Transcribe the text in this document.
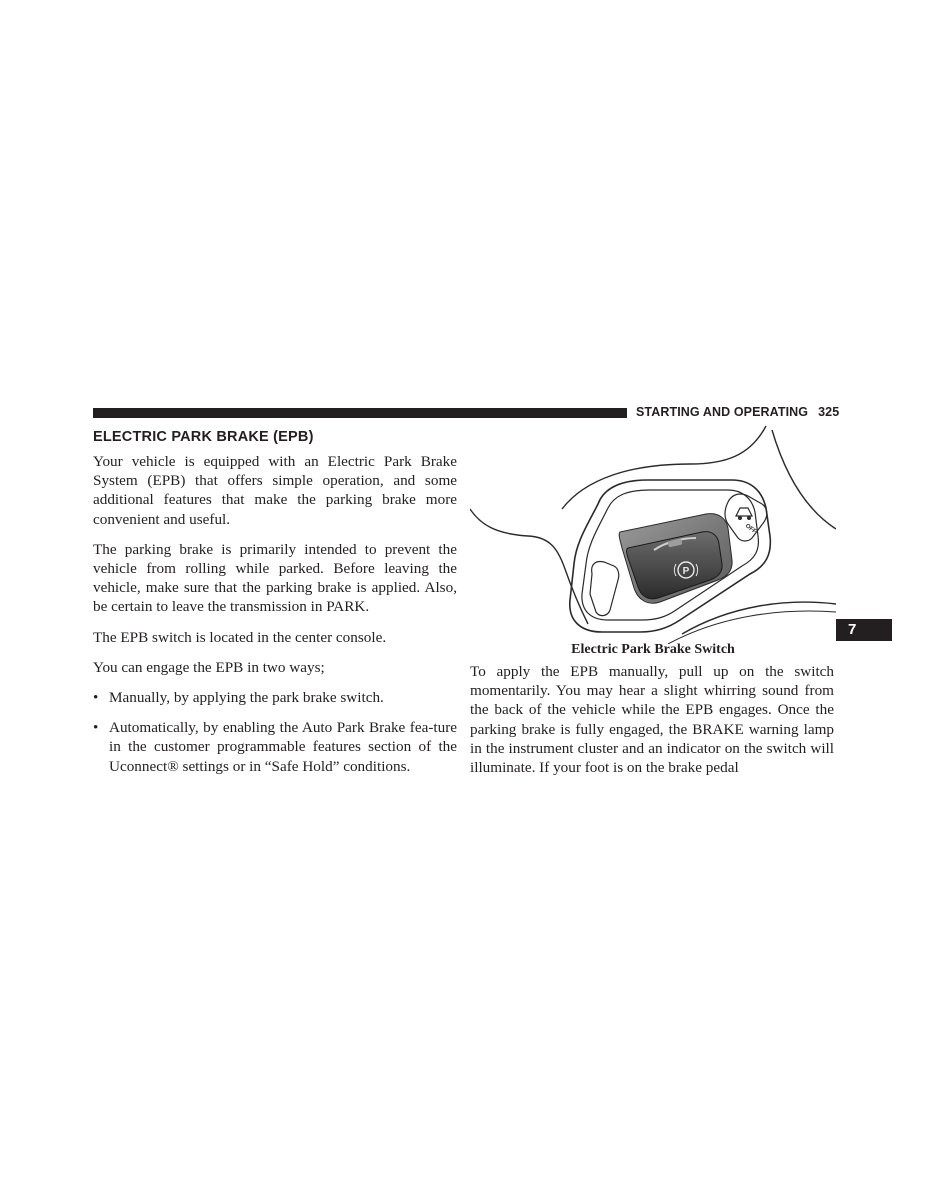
STARTING AND OPERATING 325
ELECTRIC PARK BRAKE (EPB)

Your vehicle is equipped with an Electric Park Brake System (EPB) that offers simple operation, and some additional features that make the parking brake more convenient and useful.

The parking brake is primarily intended to prevent the vehicle from rolling while parked. Before leaving the vehicle, make sure that the parking brake is applied. Also, be certain to leave the transmission in PARK.

The EPB switch is located in the center console.

You can engage the EPB in two ways;

• Manually, by applying the park brake switch.
• Automatically, by enabling the Auto Park Brake fea-ture in the customer programmable features section of the Uconnect® settings or in “Safe Hold” conditions.
P
OFF
Electric Park Brake Switch

To apply the EPB manually, pull up on the switch momentarily. You may hear a slight whirring sound from the back of the vehicle while the EPB engages. Once the parking brake is fully engaged, the BRAKE warning lamp in the instrument cluster and an indicator on the switch will illuminate. If your foot is on the brake pedal

7
